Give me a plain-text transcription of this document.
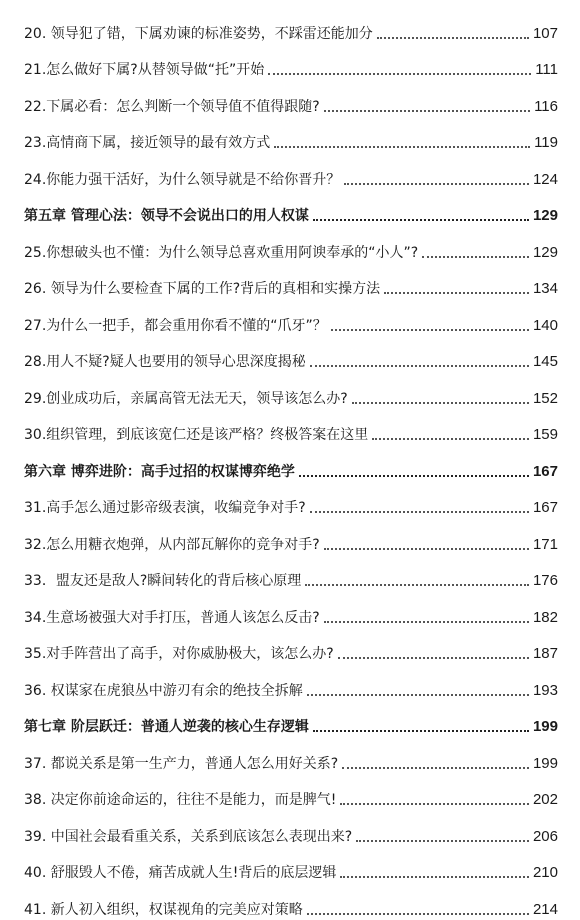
20. 领导犯了错，下属劝谏的标准姿势，不踩雷还能加分	107
21.怎么做好下属?从替领导做“托”开始	111
22.下属必看：怎么判断一个领导值不值得跟随?	116
23.高情商下属，接近领导的最有效方式	119
24.你能力强干活好，为什么领导就是不给你晋升？	124
第五章 管理心法：领导不会说出口的用人权谋	129
25.你想破头也不懂：为什么领导总喜欢重用阿谀奉承的“小人”?	129
26. 领导为什么要检查下属的工作?背后的真相和实操方法	134
27.为什么一把手，都会重用你看不懂的“爪牙”？	140
28.用人不疑?疑人也要用的领导心思深度揭秘	145
29.创业成功后，亲属高管无法无天，领导该怎么办?	152
30.组织管理，到底该宽仁还是该严格？终极答案在这里	159
第六章 博弈进阶：高手过招的权谋博弈绝学	167
31.高手怎么通过影帝级表演，收编竞争对手?	167
32.怎么用糖衣炮弹，从内部瓦解你的竞争对手?	171
33．盟友还是敌人?瞬间转化的背后核心原理	176
34.生意场被强大对手打压，普通人该怎么反击?	182
35.对手阵营出了高手，对你威胁极大，该怎么办?	187
36. 权谋家在虎狼丛中游刃有余的绝技全拆解	193
第七章 阶层跃迁：普通人逆袭的核心生存逻辑	199
37. 都说关系是第一生产力，普通人怎么用好关系?	199
38. 决定你前途命运的，往往不是能力，而是脾气!	202
39. 中国社会最看重关系，关系到底该怎么表现出来?	206
40. 舒服毁人不倦，痛苦成就人生!背后的底层逻辑	210
41. 新人初入组织，权谋视角的完美应对策略	214
